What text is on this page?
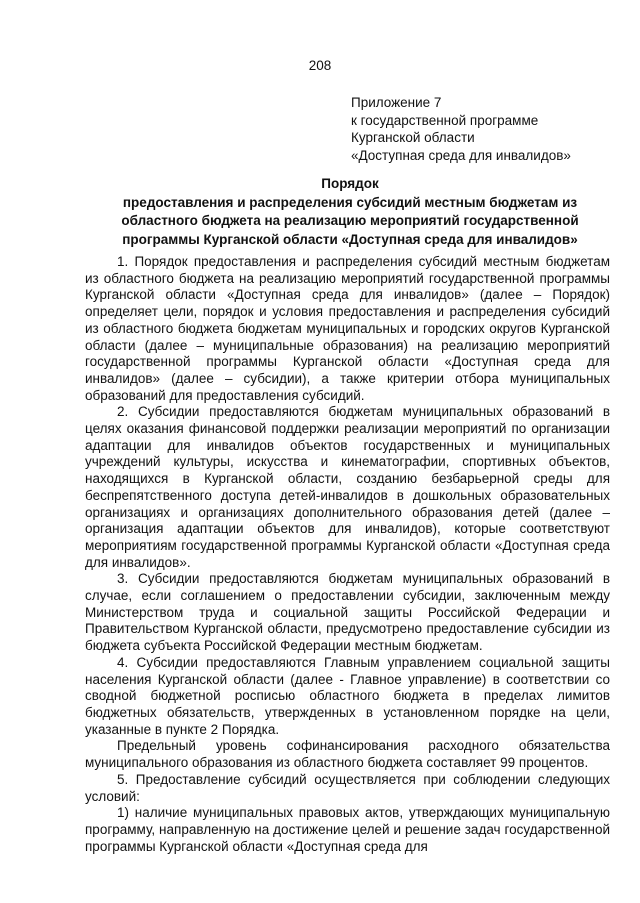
208
Приложение 7
к государственной программе
Курганской области
«Доступная среда для инвалидов»
Порядок
предоставления и распределения субсидий местным бюджетам из
областного бюджета на реализацию мероприятий государственной
программы Курганской области «Доступная среда для инвалидов»

1. Порядок предоставления и распределения субсидий местным бюджетам из областного бюджета на реализацию мероприятий государственной программы Курганской области «Доступная среда для инвалидов» (далее – Порядок) определяет цели, порядок и условия предоставления и распределения субсидий из областного бюджета бюджетам муниципальных и городских округов Курганской области (далее – муниципальные образования) на реализацию мероприятий государственной программы Курганской области «Доступная среда для инвалидов» (далее – субсидии), а также критерии отбора муниципальных образований для предоставления субсидий.

2. Субсидии предоставляются бюджетам муниципальных образований в целях оказания финансовой поддержки реализации мероприятий по организации адаптации для инвалидов объектов государственных и муниципальных учреждений культуры, искусства и кинематографии, спортивных объектов, находящихся в Курганской области, созданию безбарьерной среды для беспрепятственного доступа детей-инвалидов в дошкольных образовательных организациях и организациях дополнительного образования детей (далее – организация адаптации объектов для инвалидов), которые соответствуют мероприятиям государственной программы Курганской области «Доступная среда для инвалидов».

3. Субсидии предоставляются бюджетам муниципальных образований в случае, если соглашением о предоставлении субсидии, заключенным между Министерством труда и социальной защиты Российской Федерации и Правительством Курганской области, предусмотрено предоставление субсидии из бюджета субъекта Российской Федерации местным бюджетам.

4. Субсидии предоставляются Главным управлением социальной защиты населения Курганской области (далее - Главное управление) в соответствии со сводной бюджетной росписью областного бюджета в пределах лимитов бюджетных обязательств, утвержденных в установленном порядке на цели, указанные в пункте 2 Порядка.

Предельный уровень софинансирования расходного обязательства муниципального образования из областного бюджета составляет 99 процентов.

5. Предоставление субсидий осуществляется при соблюдении следующих условий:

1) наличие муниципальных правовых актов, утверждающих муниципальную программу, направленную на достижение целей и решение задач государственной программы Курганской области «Доступная среда для
